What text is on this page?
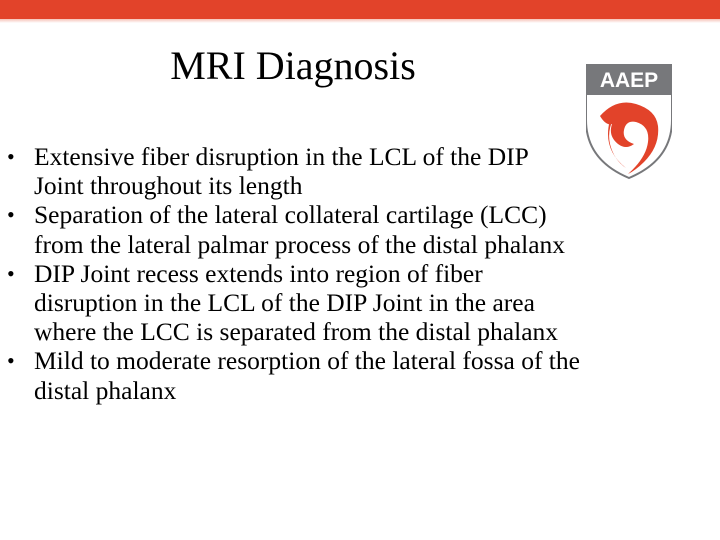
MRI Diagnosis	AAEP
• Extensive fiber disruption in the LCL of the DIP Joint throughout its length
• Separation of the lateral collateral cartilage (LCC) from the lateral palmar process of the distal phalanx
• DIP Joint recess extends into region of fiber disruption in the LCL of the DIP Joint in the area where the LCC is separated from the distal phalanx
• Mild to moderate resorption of the lateral fossa of the distal phalanx
